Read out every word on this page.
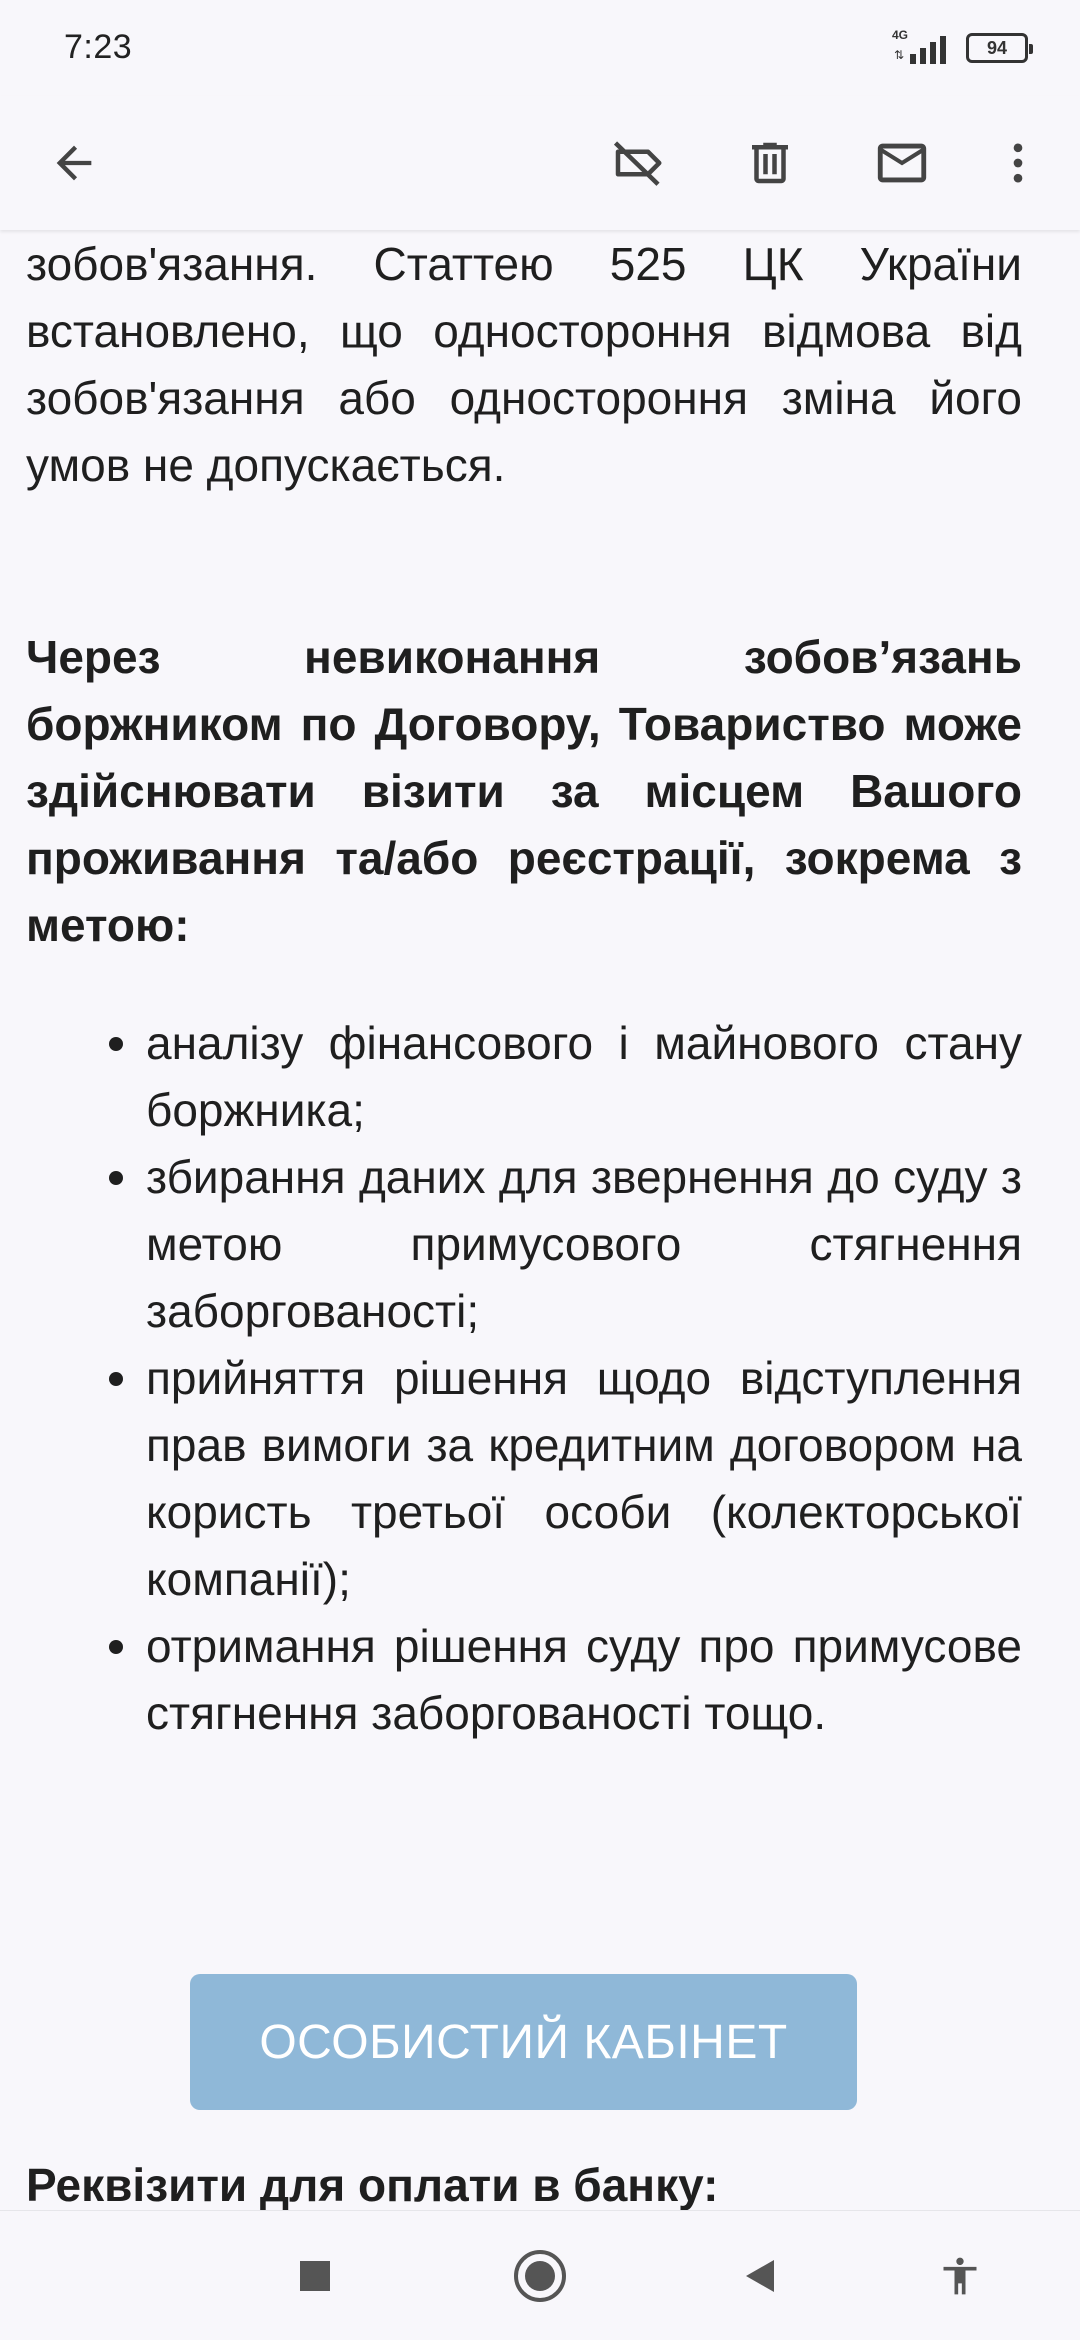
7:23	4G
⇅	94
зобов'язання. Статтею 525 ЦК України встановлено, що одностороння відмова від зобов'язання або одностороння зміна його умов не допускається.
Через невиконання зобов’язань боржником по Договору, Товариство може здійснювати візити за місцем Вашого проживання та/або реєстрації, зокрема з метою:
аналізу фінансового і майнового стану боржника;
збирання даних для звернення до суду з метою примусового стягнення заборгованості;
прийняття рішення щодо відступлення прав вимоги за кредитним договором на користь третьої особи (колекторської компанії);
отримання рішення суду про примусове стягнення заборгованості тощо.
ОСОБИСТИЙ КАБІНЕТ
Реквізити для оплати в банку:
